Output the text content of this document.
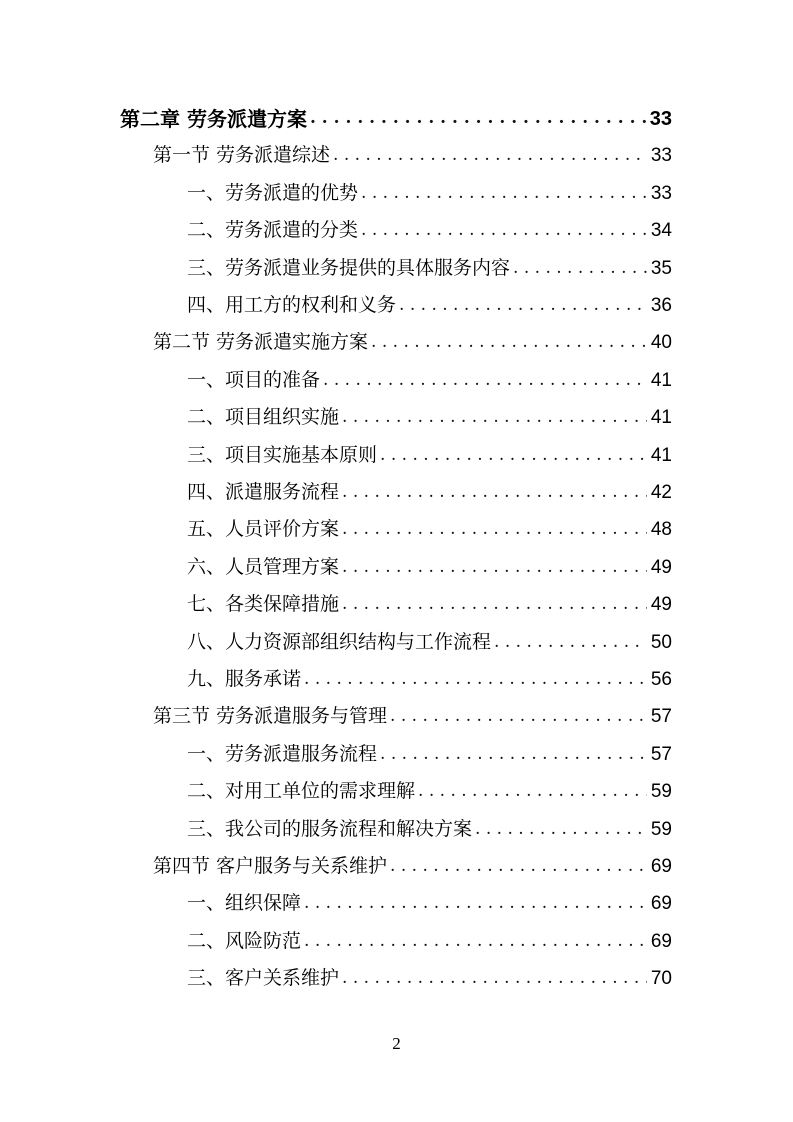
第二章 劳务派遣方案 . . .	33
第一节 劳务派遣综述 . . .	33
一、劳务派遣的优势 . . .	33
二、劳务派遣的分类 . . .	34
三、劳务派遣业务提供的具体服务内容 . . .	35
四、用工方的权利和义务 . . .	36
第二节 劳务派遣实施方案 . . .	40
一、项目的准备 . . .	41
二、项目组织实施 . . .	41
三、项目实施基本原则 . . .	41
四、派遣服务流程 . . .	42
五、人员评价方案 . . .	48
六、人员管理方案 . . .	49
七、各类保障措施 . . .	49
八、人力资源部组织结构与工作流程 . . .	50
九、服务承诺 . . .	56
第三节 劳务派遣服务与管理 . . .	57
一、劳务派遣服务流程 . . .	57
二、对用工单位的需求理解 . . .	59
三、我公司的服务流程和解决方案 . . .	59
第四节 客户服务与关系维护 . . .	69
一、组织保障 . . .	69
二、风险防范 . . .	69
三、客户关系维护 . . .	70
2
